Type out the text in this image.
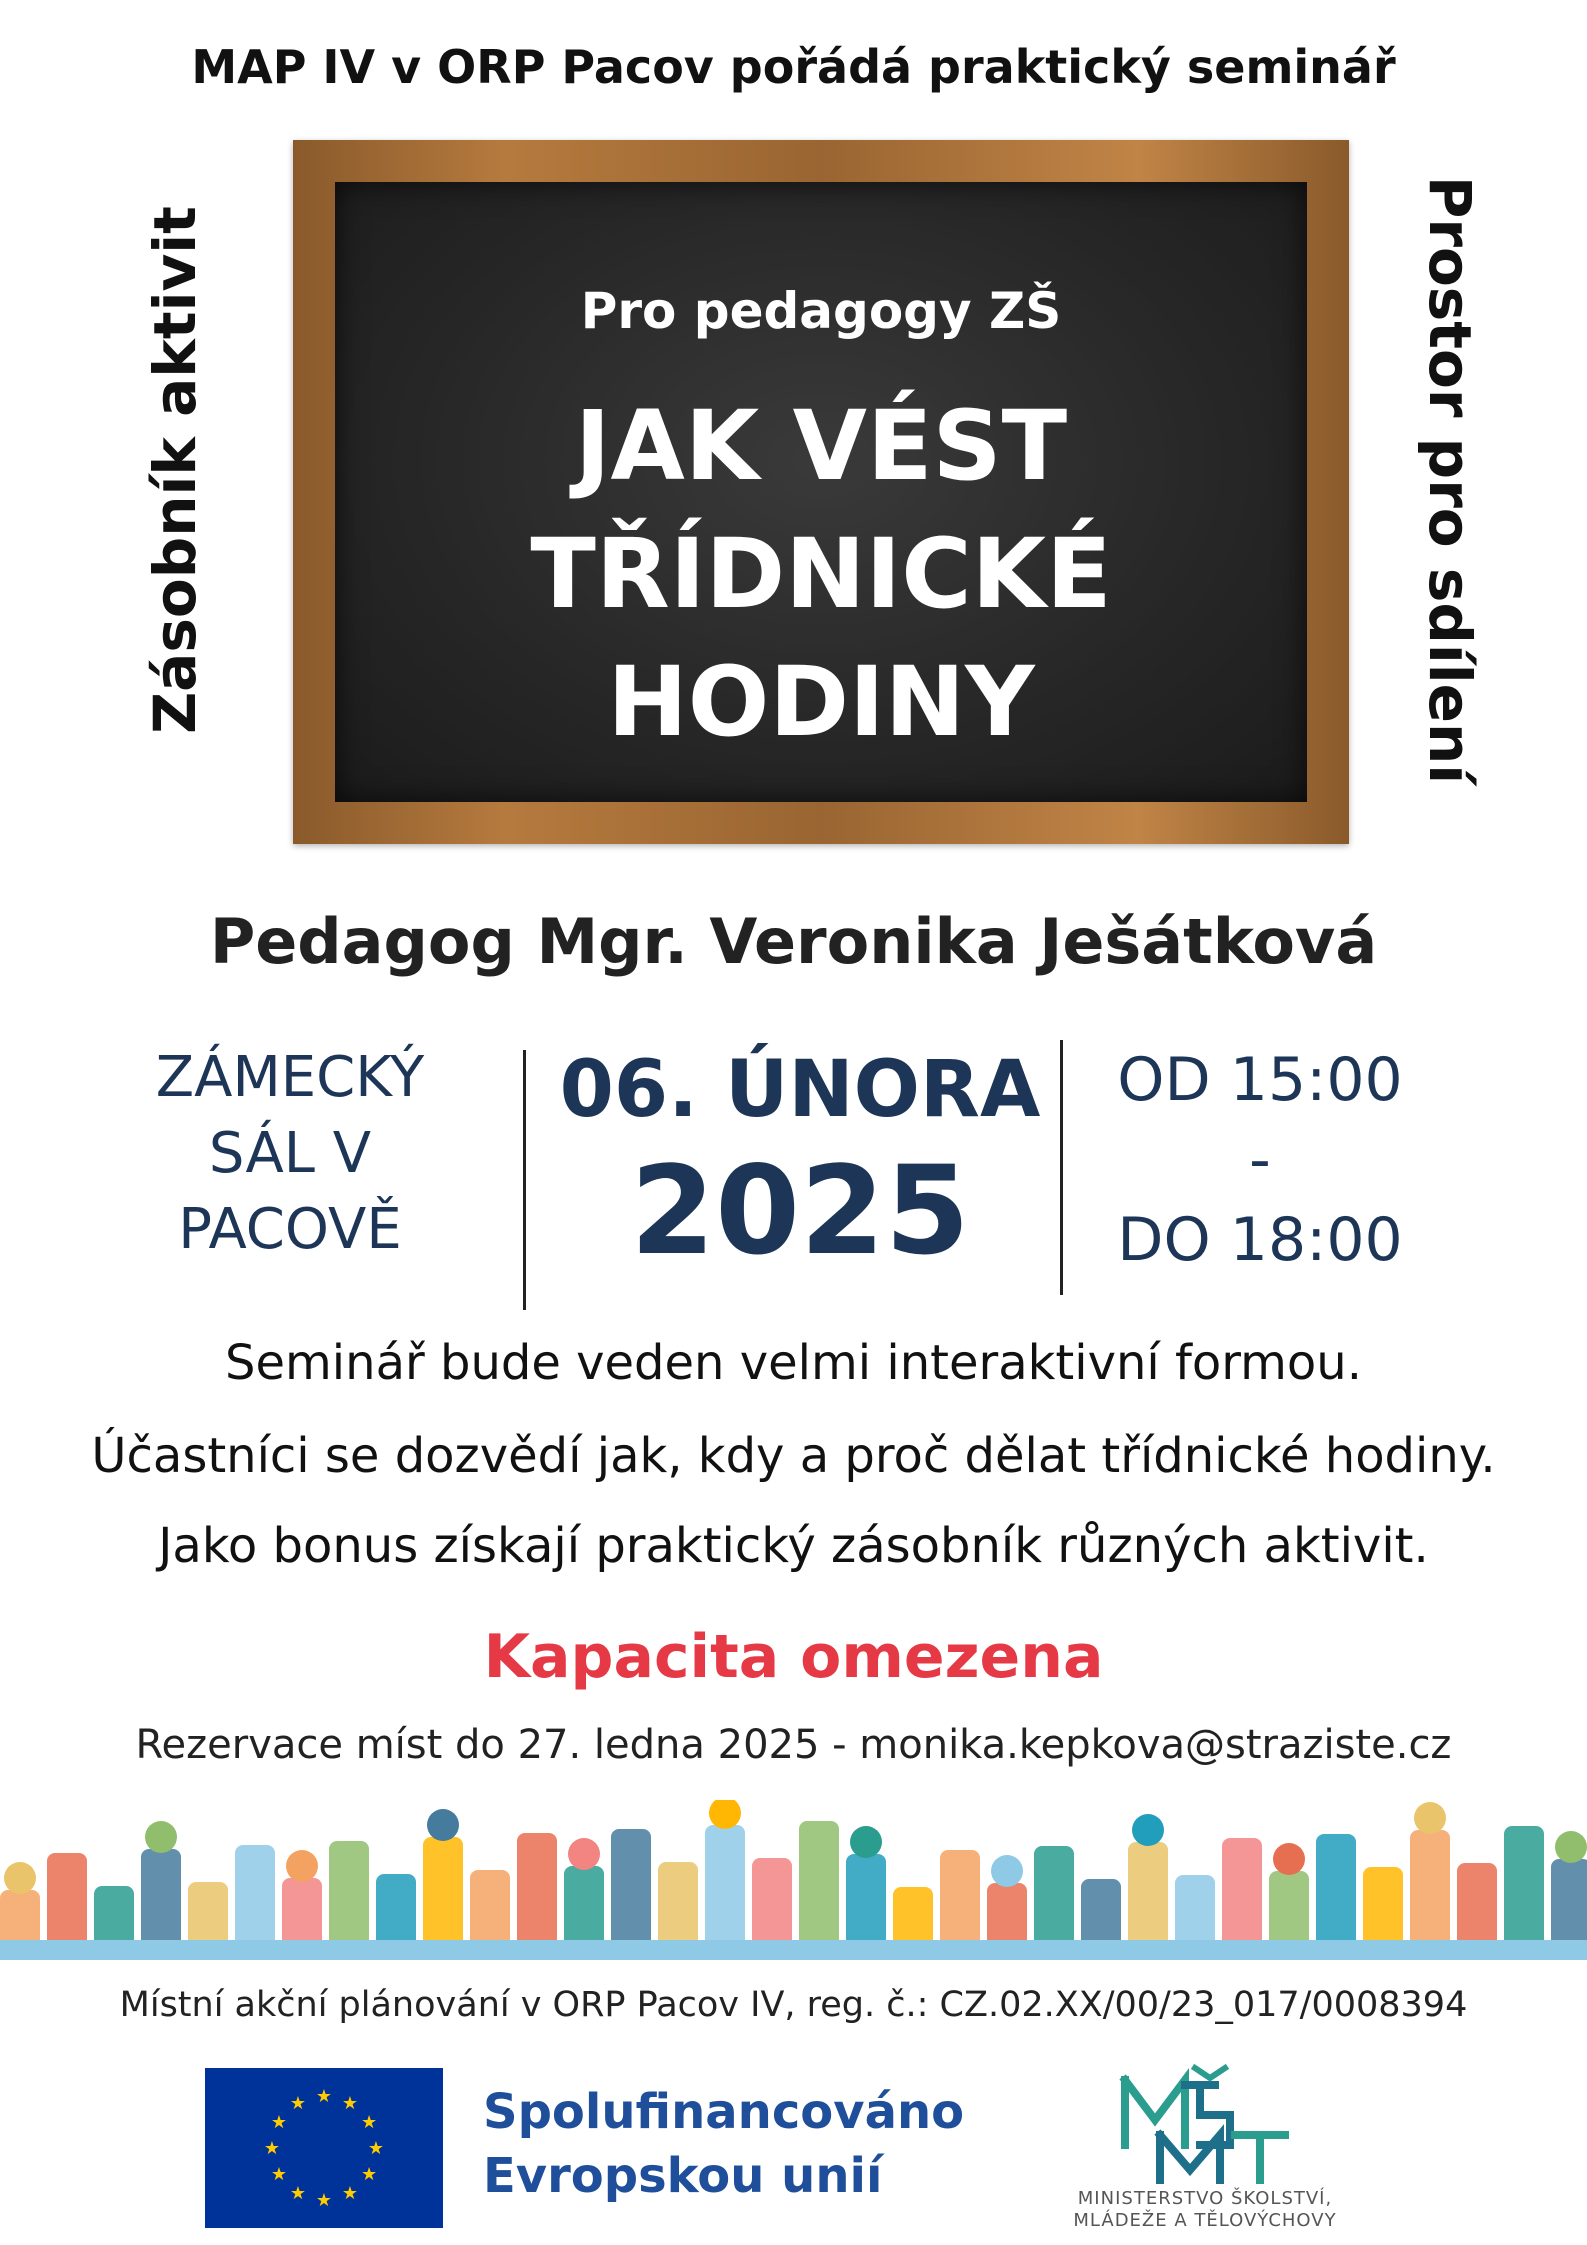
MAP IV v ORP Pacov pořádá praktický seminář
Zásobník aktivit	Prostor pro sdílení
Pro pedagogy ZŠ
JAK VÉST
TŘÍDNICKÉ
HODINY
Pedagog Mgr. Veronika Ješátková
ZÁMECKÝ
SÁL V
PACOVĚ
06. ÚNORA
2025
OD 15:00
-
DO 18:00
Seminář bude veden velmi interaktivní formou.
Účastníci se dozvědí jak, kdy a proč dělat třídnické hodiny.
Jako bonus získají praktický zásobník různých aktivit.
Kapacita omezena
Rezervace míst do 27. ledna 2025 - monika.kepkova@straziste.cz
Místní akční plánování v ORP Pacov IV, reg. č.: CZ.02.XX/00/23_017/0008394
★ ★
★
★
★
★
★
★
★
★
★
★	Spolufinancováno
Evropskou unií	MINISTERSTVO ŠKOLSTVÍ,
MLÁDEŽE A TĚLOVÝCHOVY
